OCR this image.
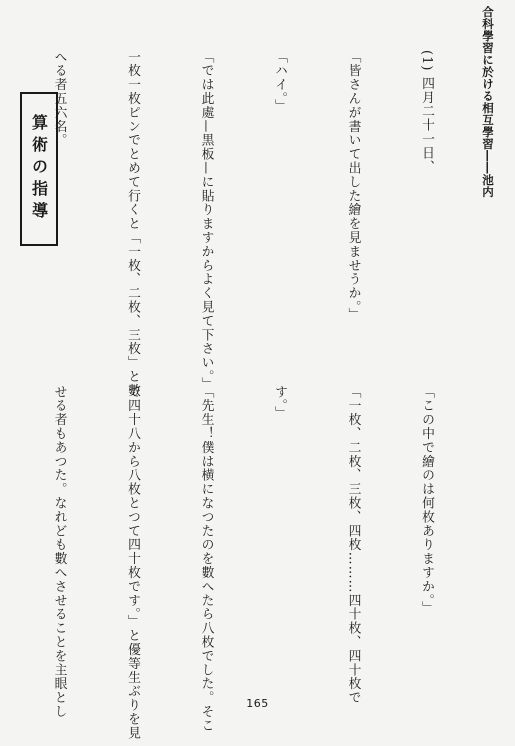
合科學習に於ける相互學習――池内

(1) 四月二十一日、

「皆さんが書いて出した繪を見ませうか。」

「ハイ。」

「では此處—黒板—に貼りますからよく見て下さい。」

一枚一枚ピンでとめて行くと「一枚、二枚、三枚」と數

へる者五六名。

算術の指導

「この中で繪のは何枚ありますか。」

「一枚、二枚、三枚、四枚………四十枚、四十枚で

す。」

「先生！僕は横になつたのを數へたら八枚でした。そこ

で四十八から八枚とつて四十枚です。」と優等生ぶりを見

せる者もあつた。なれども數へさせることを主眼とし

	165
